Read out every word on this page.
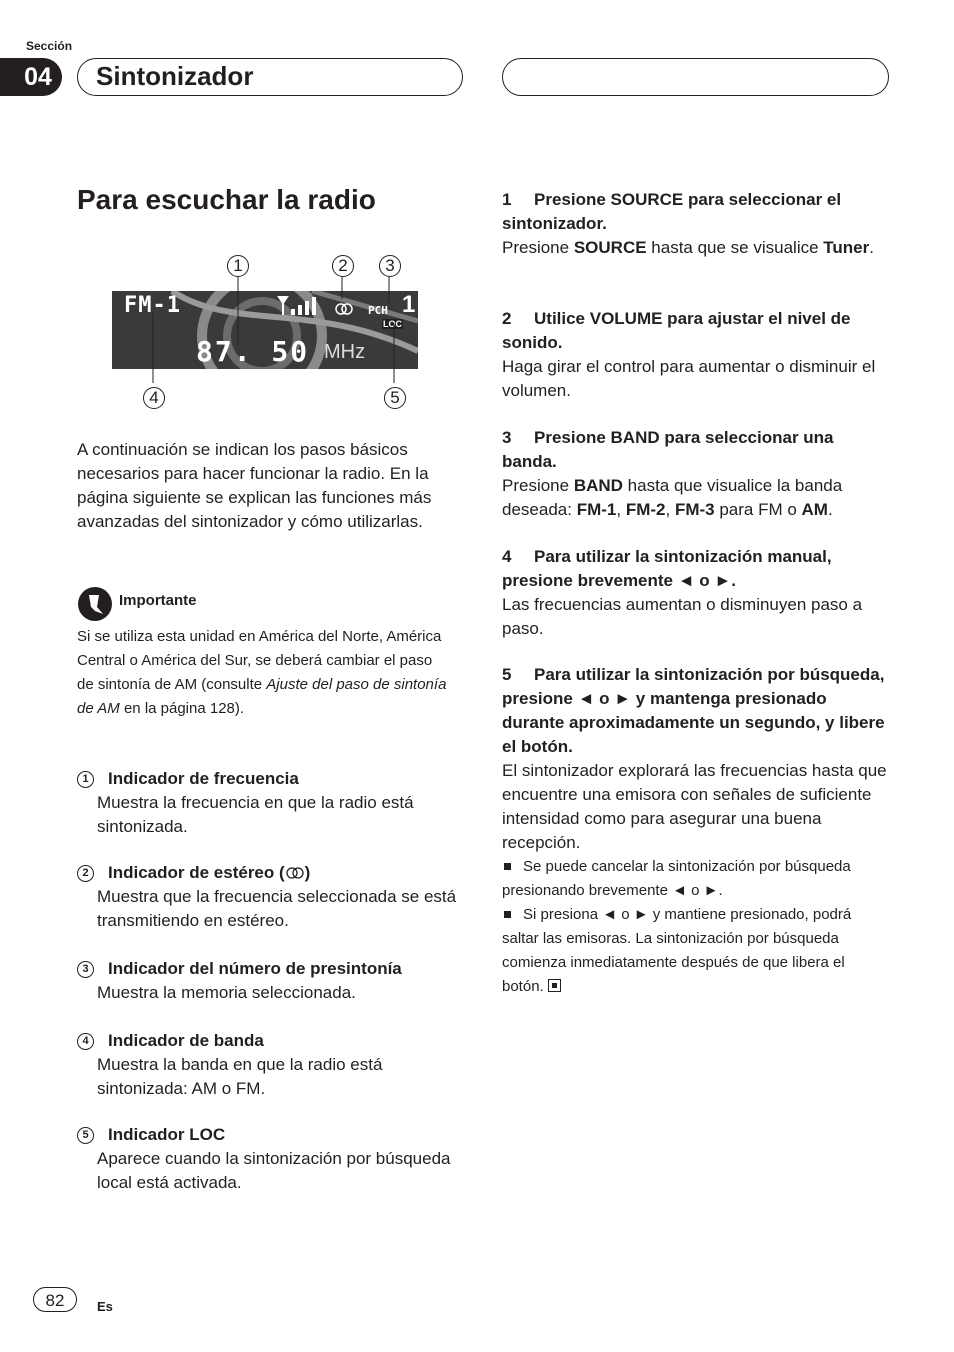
Sección
04	Sintonizador
Para escuchar la radio
1	2	3
FM-1	PCH 1
LOC
87. 50 MHz
4	5

A continuación se indican los pasos básicos necesarios para hacer funcionar la radio. En la página siguiente se explican las funciones más avanzadas del sintonizador y cómo utilizarlas.

Importante

Si se utiliza esta unidad en América del Norte, América Central o América del Sur, se deberá cambiar el paso de sintonía de AM (consulte Ajuste del paso de sintonía de AM en la página 128).

1 Indicador de frecuencia
Muestra la frecuencia en que la radio está sintonizada.
2 Indicador de estéreo ( )
Muestra que la frecuencia seleccionada se está transmitiendo en estéreo.
3 Indicador del número de presintonía
Muestra la memoria seleccionada.
4 Indicador de banda
Muestra la banda en que la radio está sintonizada: AM o FM.
5 Indicador LOC
Aparece cuando la sintonización por búsqueda local está activada.
1 Presione SOURCE para seleccionar el sintonizador.

Presione SOURCE hasta que se visualice Tuner.

2 Utilice VOLUME para ajustar el nivel de sonido.

Haga girar el control para aumentar o disminuir el volumen.

3 Presione BAND para seleccionar una banda.

Presione BAND hasta que visualice la banda deseada: FM-1, FM-2, FM-3 para FM o AM.

4 Para utilizar la sintonización manual, presione brevemente ◄ o ►.

Las frecuencias aumentan o disminuyen paso a paso.

5 Para utilizar la sintonización por búsqueda, presione ◄ o ► y mantenga presionado durante aproximadamente un segundo, y libere el botón.

El sintonizador explorará las frecuencias hasta que encuentre una emisora con señales de suficiente intensidad como para asegurar una buena recepción.

Se puede cancelar la sintonización por búsqueda presionando brevemente ◄ o ►.

Si presiona ◄ o ► y mantiene presionado, podrá saltar las emisoras. La sintonización por búsqueda comienza inmediatamente después de que libera el botón.

82	Es
